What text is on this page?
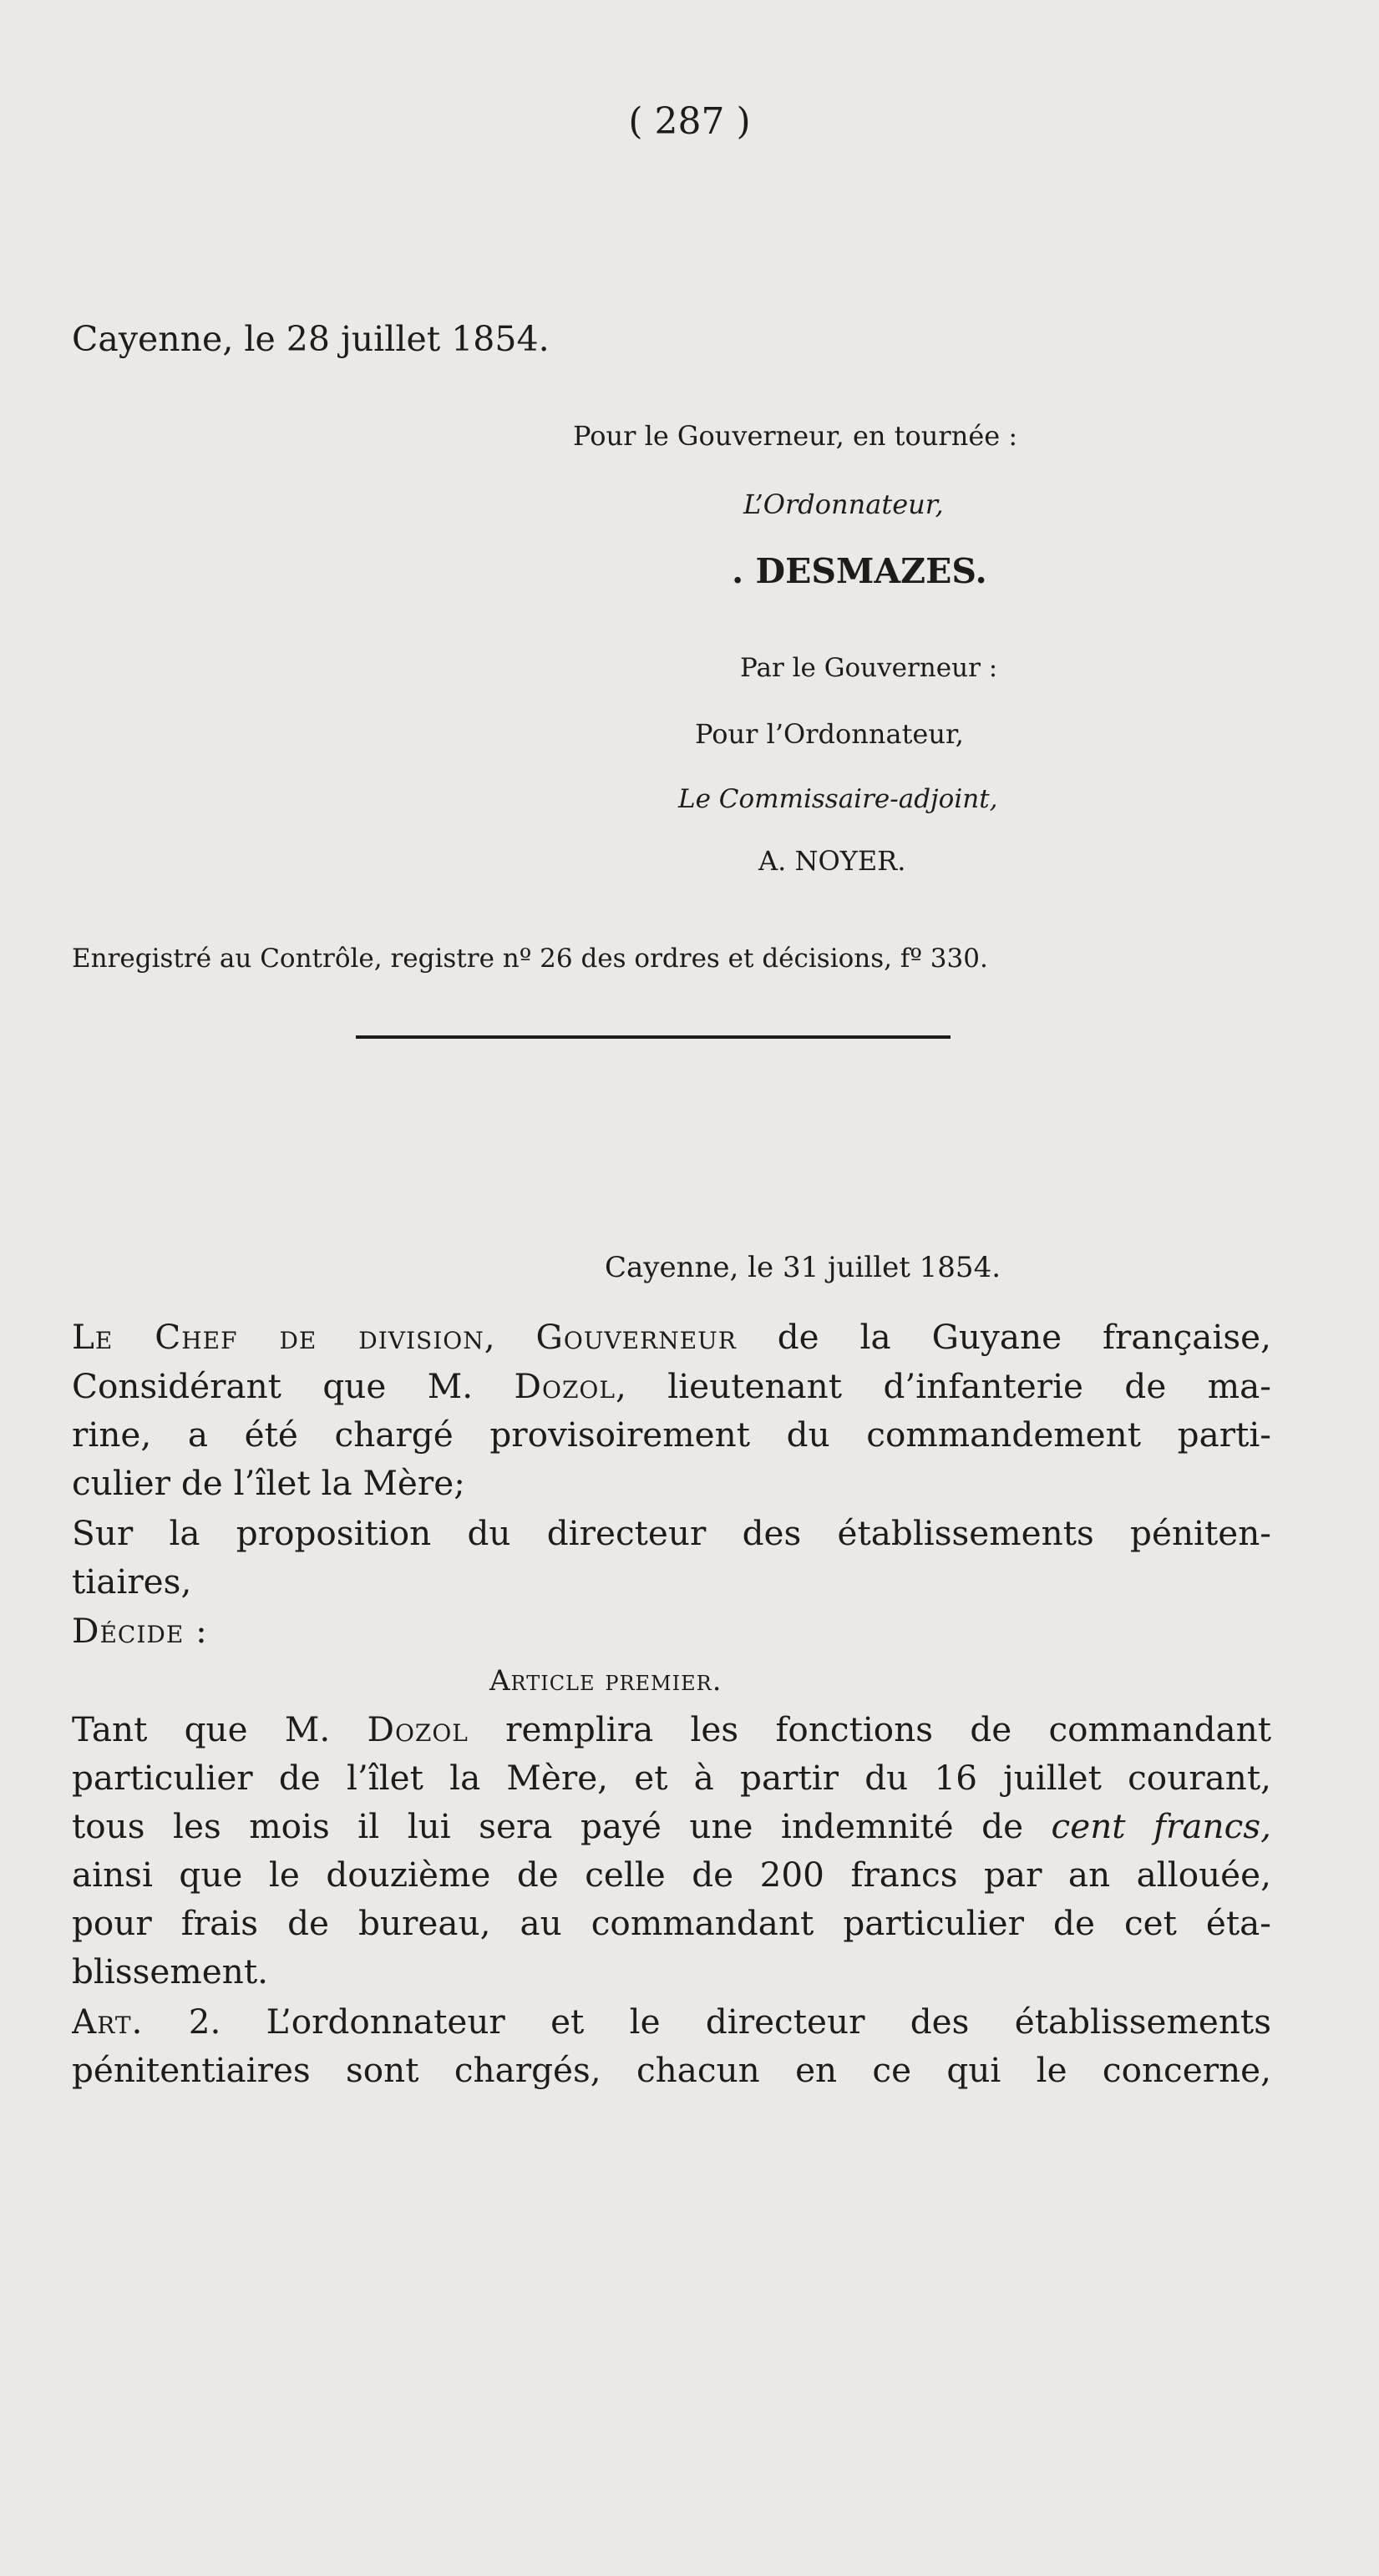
( 287 )
Cayenne, le 28 juillet 1854.
Pour le Gouverneur, en tournée :
L’Ordonnateur,
. DESMAZES.
Par le Gouverneur :
Pour l’Ordonnateur,
Le Commissaire-adjoint,
A. NOYER.
Enregistré au Contrôle, registre nº 26 des ordres et décisions, fº 330.
Cayenne, le 31 juillet 1854.
Le Chef de division, Gouverneur de la Guyane française,
Considérant que M. Dozol, lieutenant d’infanterie de ma-
rine, a été chargé provisoirement du commandement parti-
culier de l’îlet la Mère;
Sur la proposition du directeur des établissements péniten-
tiaires,
Décide :
Article premier.
Tant que M. Dozol remplira les fonctions de commandant
particulier de l’îlet la Mère, et à partir du 16 juillet courant,
tous les mois il lui sera payé une indemnité de cent francs,
ainsi que le douzième de celle de 200 francs par an allouée,
pour frais de bureau, au commandant particulier de cet éta-
blissement.
Art. 2. L’ordonnateur et le directeur des établissements
pénitentiaires sont chargés, chacun en ce qui le concerne,
